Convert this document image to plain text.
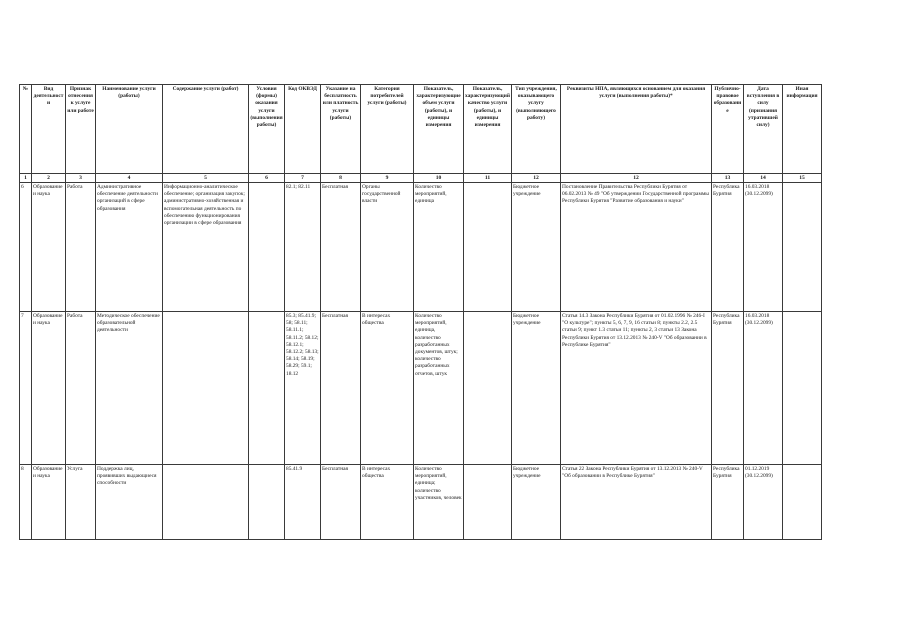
№	Вид деятельности	Признак отнесения к услуге или работе	Наименование услуги (работы)	Содержание услуги (работ)	Условия (формы) оказания услуги (выполнения работы)	Код ОКВЭД	Указание на бесплатность или платность услуги (работы)	Категория потребителей услуги (работы)	Показатель, характеризующие объем услуги (работы), и единицы измерения	Показатель, характеризующий качество услуги (работы), и единицы измерения	Тип учреждения, оказывающего услугу (выполняющего работу)	Реквизиты НПА, являющихся основанием для оказания услуги (выполнения работы)*	Публично-правовое образование	Дата вступления в силу (признания утратившей силу)	Иная информация
1	2	3	4	5	6	7	8	9	10	11	12	12	13	14	15
6	Образование и наука	Работа	Административное обеспечение деятельности организаций в сфере образования	Информационно-аналитическое обеспечение; организация закупок; административно-хозяйственная и вспомогательная деятельность по обеспечению функционирования организации в сфере образования		82.1; 82.11	Бесплатная	Органы государственной власти	Количество мероприятий, единица		Бюджетное учреждение	Постановление Правительства Республики Бурятия от 06.02.2013 № 49 "Об утверждении Государственной программы Республики Бурятия "Развитие образования и науки"	Республика Бурятия	16.03.2018 (30.12.2099)	
7	Образование и наука	Работа	Методическое обеспечение образовательной деятельности			85.3; 85.41.9; 58; 58.11; 58.11.1; 58.11.2; 58.12; 58.12.1; 58.12.2; 58.13; 58.14; 58.19; 58.29; 59.1; 18.12	Бесплатная	В интересах общества	Количество мероприятий, единица, количество разработанных документов, штук; количество разработанных отчетов, штук		Бюджетное учреждение	Статья 14.3 Закона Республики Бурятия от 01.02.1996 № 246-I "О культуре"; пункты 5, 6, 7, 9, 16 статьи 8; пункты 2.2, 2.5 статьи 9; пункт 1.3 статьи 11; пункты 2, 3 статьи 13 Закона Республики Бурятия от 13.12.2013 № 240-V "Об образовании в Республике Бурятия"	Республика Бурятия	16.03.2018 (30.12.2099)	
8	Образование и наука	Услуга	Поддержка лиц, проявивших выдающиеся способности			85.41.9	Бесплатная	В интересах общества	Количество мероприятий, единица; количество участников, человек		Бюджетное учреждение	Статья 22 Закона Республики Бурятия от 13.12.2013 № 240-V "Об образовании в Республике Бурятия"	Республика Бурятия	01.12.2019 (30.12.2099)	
